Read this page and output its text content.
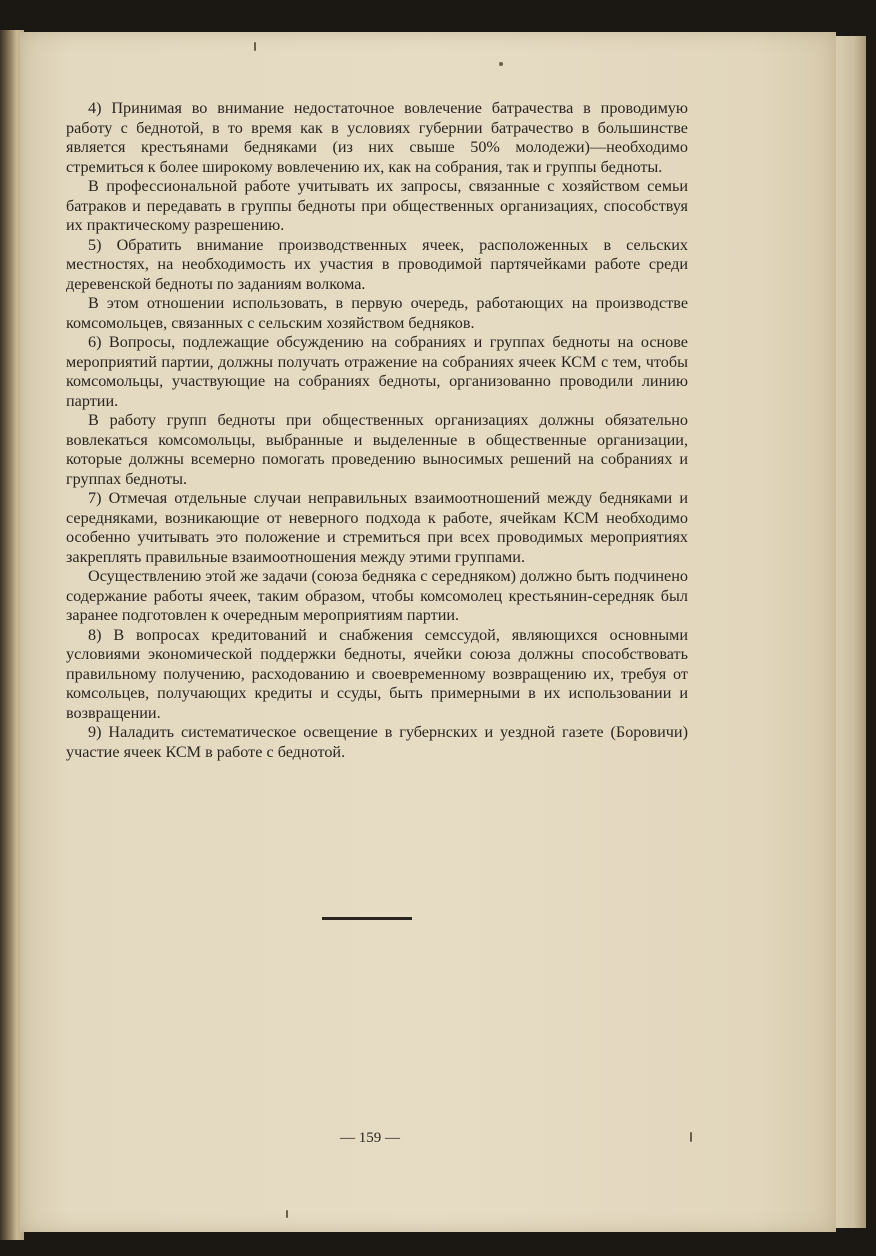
4) Принимая во внимание недостаточное вовлечение батрачества в проводимую работу с беднотой, в то время как в условиях губернии батрачество в большинстве является крестьянами бедняками (из них свыше 50% молодежи)—необходимо стремиться к более широкому вовлечению их, как на собрания, так и группы бедноты.

В профессиональной работе учитывать их запросы, связанные с хозяйством семьи батраков и передавать в группы бедноты при общественных организациях, способствуя их практическому разрешению.

5) Обратить внимание производственных ячеек, расположенных в сельских местностях, на необходимость их участия в проводимой партячейками работе среди деревенской бедноты по заданиям волкома.

В этом отношении использовать, в первую очередь, работающих на производстве комсомольцев, связанных с сельским хозяйством бедняков.

6) Вопросы, подлежащие обсуждению на собраниях и группах бедноты на основе мероприятий партии, должны получать отражение на собраниях ячеек КСМ с тем, чтобы комсомольцы, участвующие на собраниях бедноты, организованно проводили линию партии.

В работу групп бедноты при общественных организациях должны обязательно вовлекаться комсомольцы, выбранные и выделенные в общественные организации, которые должны всемерно помогать проведению выносимых решений на собраниях и группах бедноты.

7) Отмечая отдельные случаи неправильных взаимоотношений между бедняками и середняками, возникающие от неверного подхода к работе, ячейкам КСМ необходимо особенно учитывать это положение и стремиться при всех проводимых мероприятиях закреплять правильные взаимоотношения между этими группами.

Осуществлению этой же задачи (союза бедняка с середняком) должно быть подчинено содержание работы ячеек, таким образом, чтобы комсомолец крестьянин-середняк был заранее подготовлен к очередным мероприятиям партии.

8) В вопросах кредитований и снабжения семссудой, являющихся основными условиями экономической поддержки бедноты, ячейки союза должны способствовать правильному получению, расходованию и своевременному возвращению их, требуя от комсольцев, получающих кредиты и ссуды, быть примерными в их использовании и возвращении.

9) Наладить систематическое освещение в губернских и уездной газете (Боровичи) участие ячеек КСМ в работе с беднотой.

— 159 —
